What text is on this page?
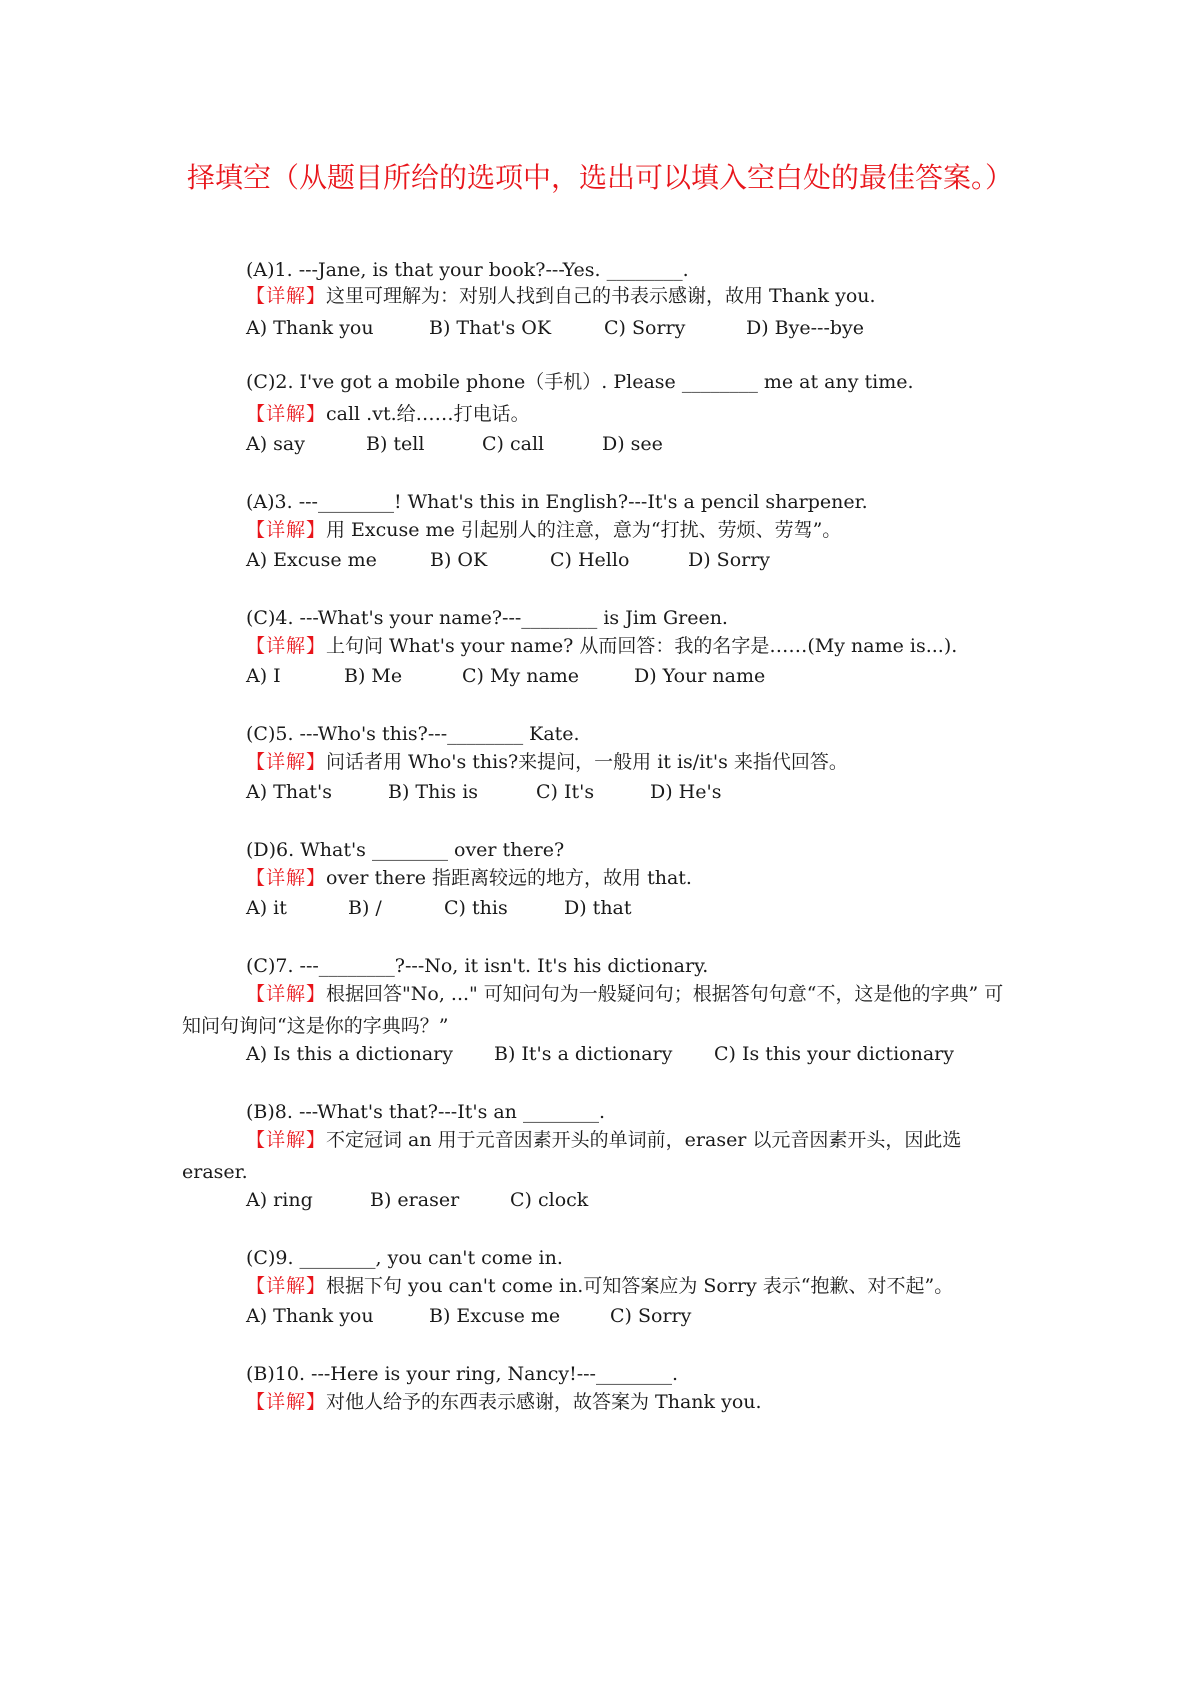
择填空（从题目所给的选项中，选出可以填入空白处的最佳答案。）
(A)1. ---Jane, is that your book?---Yes. ________.
【详解】这里可理解为：对别人找到自己的书表示感谢，故用 Thank you.
A) Thank you	B) That's OK	C) Sorry	D) Bye---bye
(C)2. I've got a mobile phone（手机）. Please ________ me at any time.
【详解】call .vt.给……打电话。
A) say	B) tell	C) call	D) see
(A)3. ---________! What's this in English?---It's a pencil sharpener.
【详解】用 Excuse me 引起别人的注意，意为“打扰、劳烦、劳驾”。
A) Excuse me	B) OK	C) Hello	D) Sorry
(C)4. ---What's your name?---________ is Jim Green.
【详解】上句问 What's your name? 从而回答：我的名字是……(My name is...).
A) I	B) Me	C) My name	D) Your name
(C)5. ---Who's this?---________ Kate.
【详解】问话者用 Who's this?来提问，一般用 it is/it's 来指代回答。
A) That's	B) This is	C) It's	D) He's
(D)6. What's ________ over there?
【详解】over there 指距离较远的地方，故用 that.
A) it	B) /	C) this	D) that
(C)7. ---________?---No, it isn't. It's his dictionary.
【详解】根据回答"No, ..." 可知问句为一般疑问句；根据答句句意“不，这是他的字典” 可知问句询问“这是你的字典吗？”
A) Is this a dictionary B) It's a dictionary C) Is this your dictionary
(B)8. ---What's that?---It's an ________.
【详解】不定冠词 an 用于元音因素开头的单词前，eraser 以元音因素开头，因此选 eraser.
A) ring	B) eraser	C) clock
(C)9. ________, you can't come in.
【详解】根据下句 you can't come in.可知答案应为 Sorry 表示“抱歉、对不起”。
A) Thank you	B) Excuse me	C) Sorry
(B)10. ---Here is your ring, Nancy!---________.
【详解】对他人给予的东西表示感谢，故答案为 Thank you.
